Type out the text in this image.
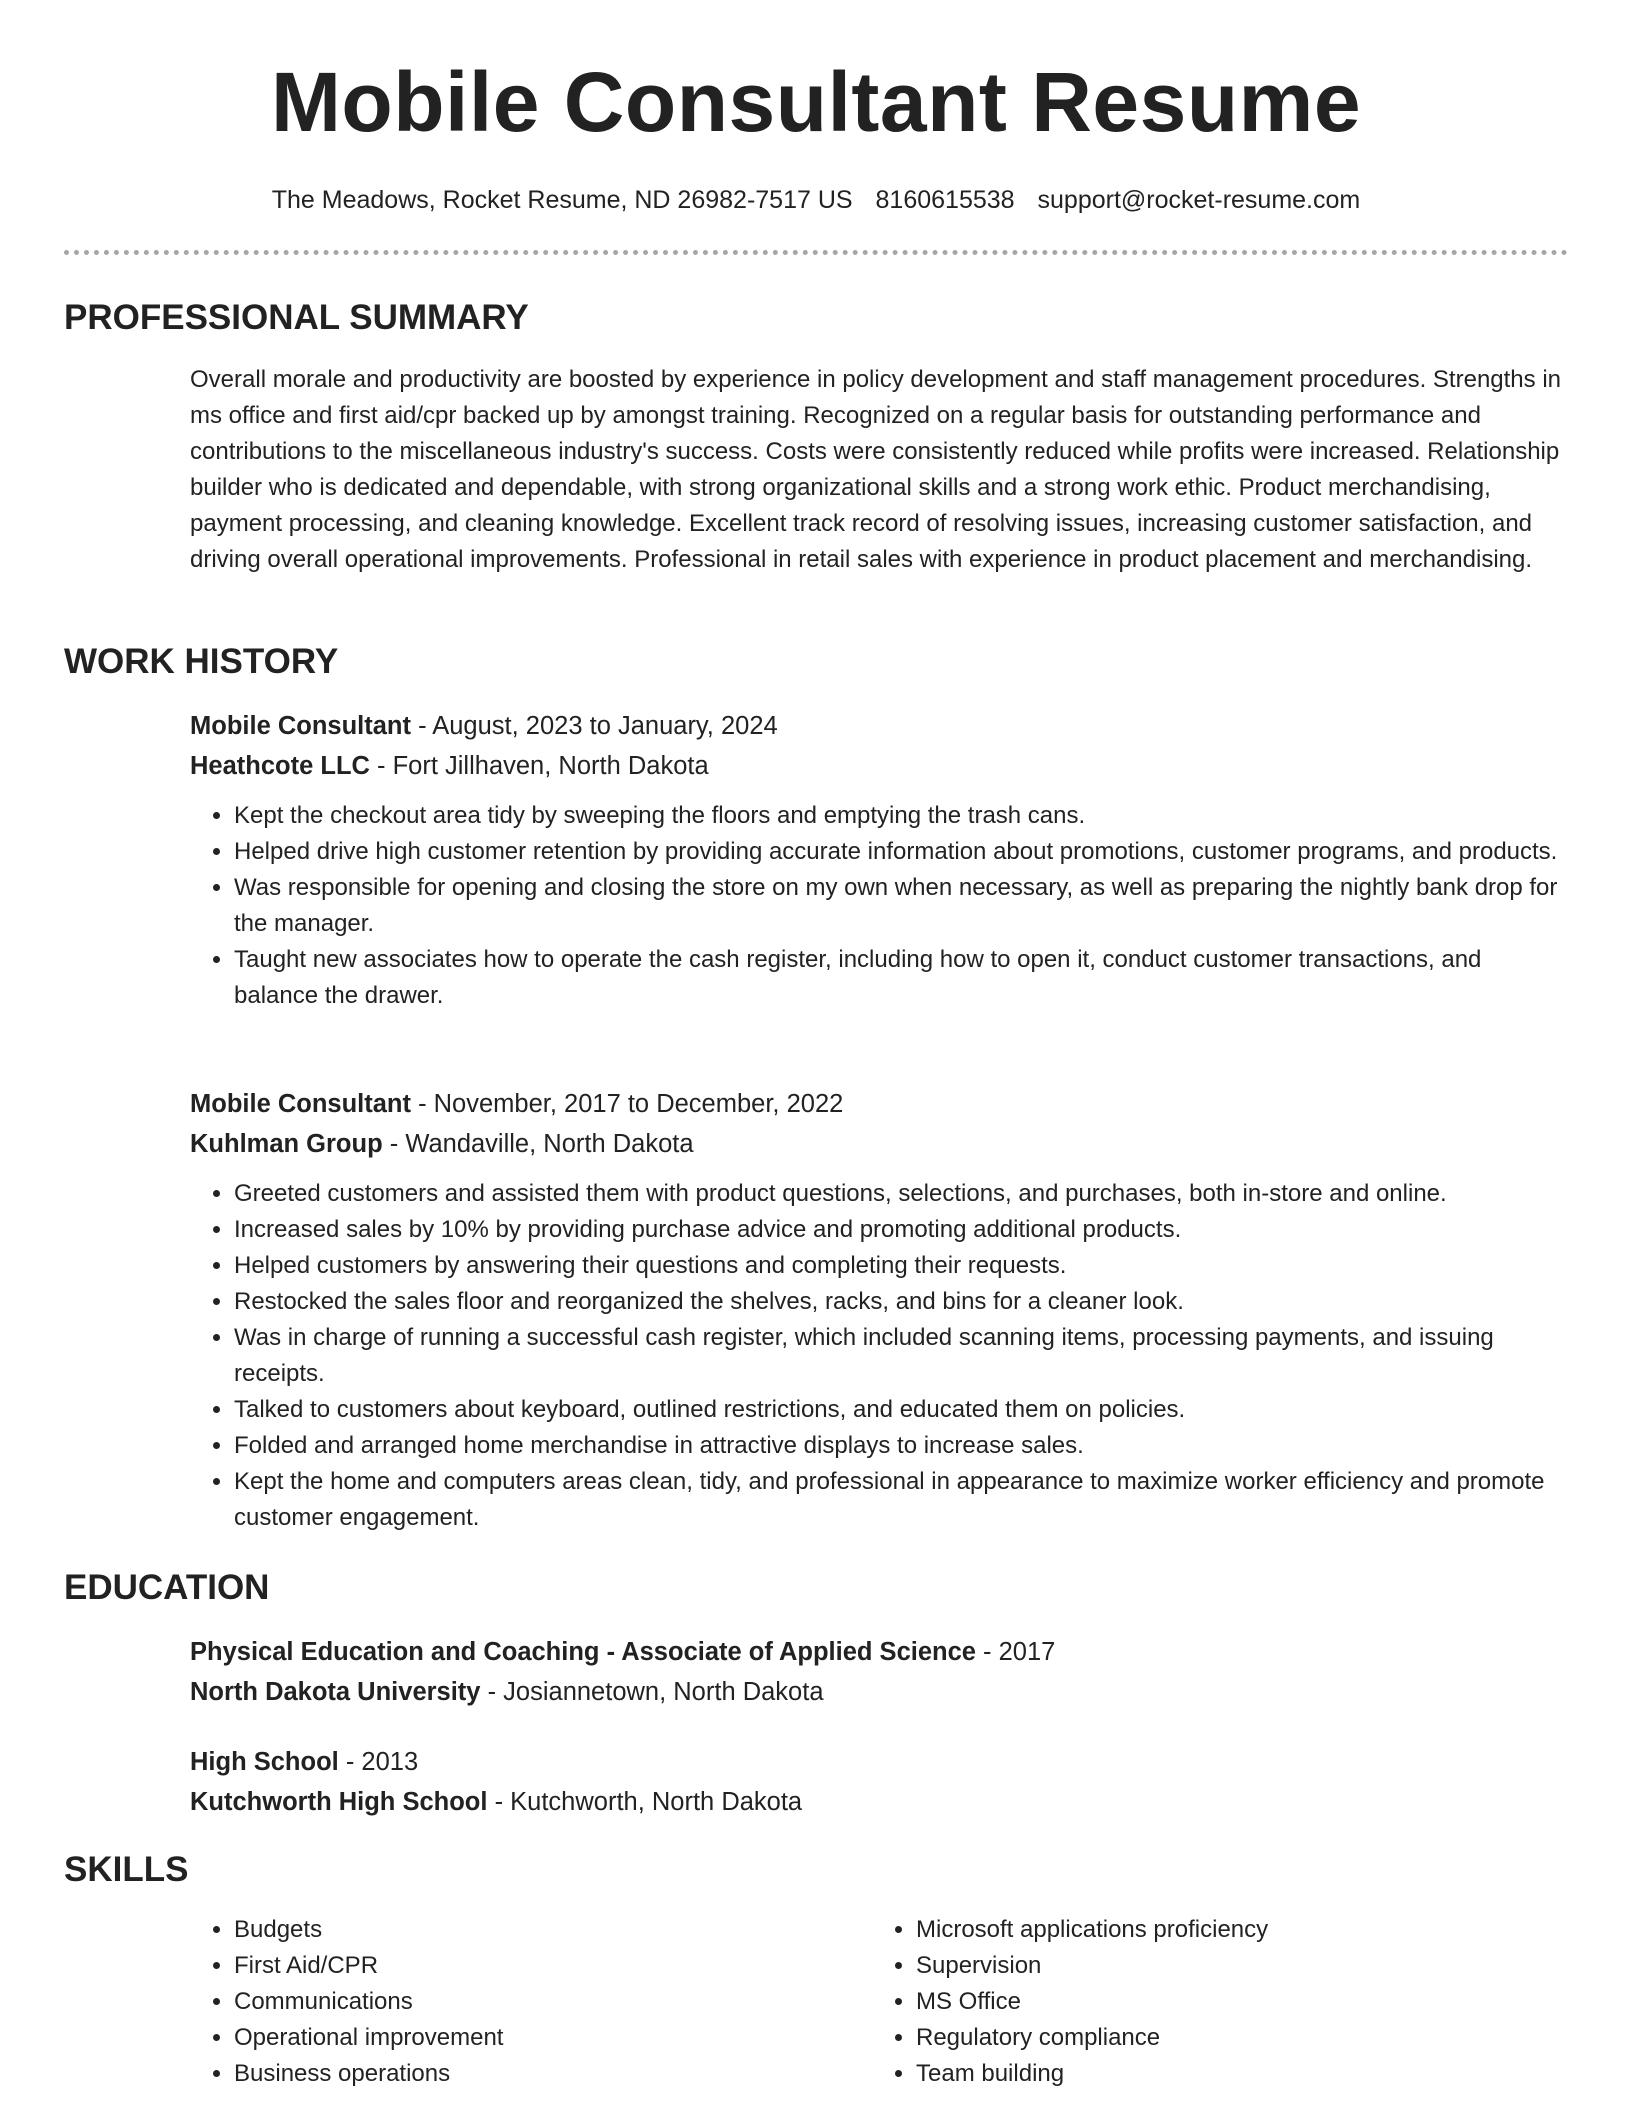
Mobile Consultant Resume
The Meadows, Rocket Resume, ND 26982-7517 US 8160615538 support@rocket-resume.com
PROFESSIONAL SUMMARY

Overall morale and productivity are boosted by experience in policy development and staff management procedures. Strengths in ms office and first aid/cpr backed up by amongst training. Recognized on a regular basis for outstanding performance and contributions to the miscellaneous industry's success. Costs were consistently reduced while profits were increased. Relationship builder who is dedicated and dependable, with strong organizational skills and a strong work ethic. Product merchandising, payment processing, and cleaning knowledge. Excellent track record of resolving issues, increasing customer satisfaction, and driving overall operational improvements. Professional in retail sales with experience in product placement and merchandising.

WORK HISTORY

Mobile Consultant - August, 2023 to January, 2024

Heathcote LLC - Fort Jillhaven, North Dakota

• Kept the checkout area tidy by sweeping the floors and emptying the trash cans.
• Helped drive high customer retention by providing accurate information about promotions, customer programs, and products.
• Was responsible for opening and closing the store on my own when necessary, as well as preparing the nightly bank drop for the manager.
• Taught new associates how to operate the cash register, including how to open it, conduct customer transactions, and balance the drawer.

Mobile Consultant - November, 2017 to December, 2022

Kuhlman Group - Wandaville, North Dakota

• Greeted customers and assisted them with product questions, selections, and purchases, both in-store and online.
• Increased sales by 10% by providing purchase advice and promoting additional products.
• Helped customers by answering their questions and completing their requests.
• Restocked the sales floor and reorganized the shelves, racks, and bins for a cleaner look.
• Was in charge of running a successful cash register, which included scanning items, processing payments, and issuing receipts.
• Talked to customers about keyboard, outlined restrictions, and educated them on policies.
• Folded and arranged home merchandise in attractive displays to increase sales.
• Kept the home and computers areas clean, tidy, and professional in appearance to maximize worker efficiency and promote customer engagement.
EDUCATION

Physical Education and Coaching - Associate of Applied Science - 2017

North Dakota University - Josiannetown, North Dakota

High School - 2013

Kutchworth High School - Kutchworth, North Dakota

SKILLS
• Budgets
• First Aid/CPR
• Communications
• Operational improvement
• Business operations
• Microsoft applications proficiency
• Supervision
• MS Office
• Regulatory compliance
• Team building
